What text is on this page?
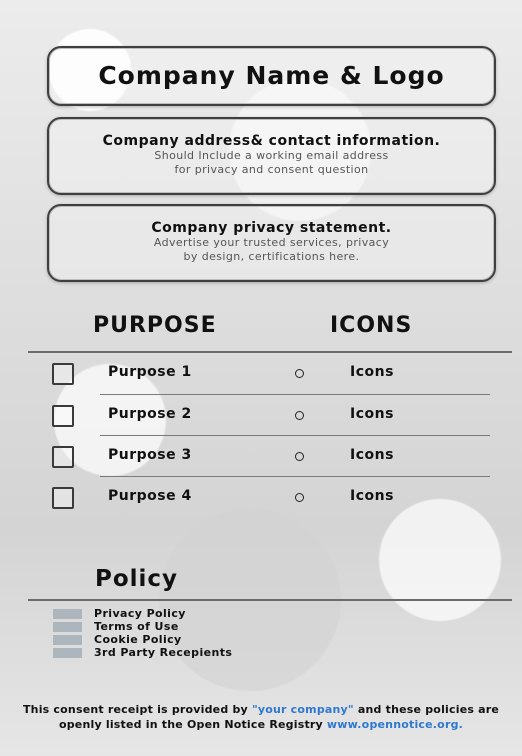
Company Name & Logo
Company address& contact information.
Should Include a working email address
for privacy and consent question
Company privacy statement.
Advertise your trusted services, privacy
by design, certifications here.
PURPOSE	ICONS
Purpose 1	Icons
Purpose 2	Icons
Purpose 3	Icons
Purpose 4	Icons
Policy
Privacy Policy
Terms of Use
Cookie Policy
3rd Party Recepients
This consent receipt is provided by "your company" and these policies are openly listed in the Open Notice Registry www.opennotice.org.
